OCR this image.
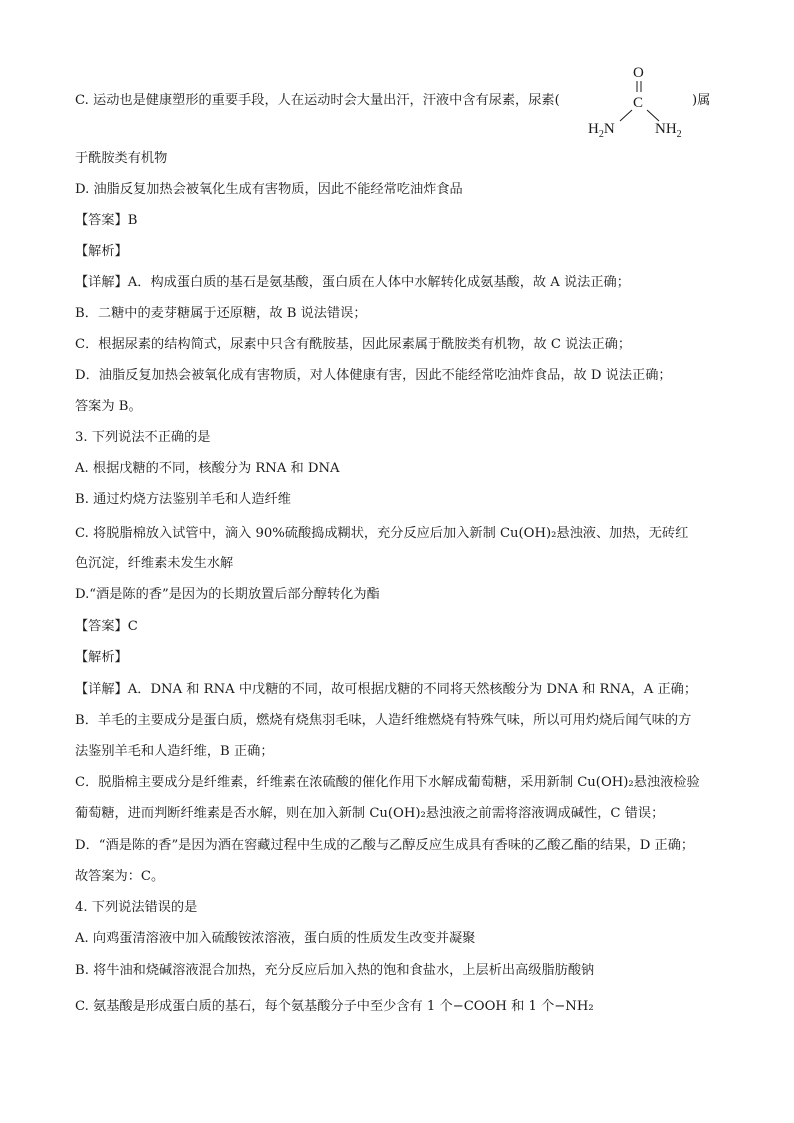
C. 运动也是健康塑形的重要手段，人在运动时会大量出汗，汗液中含有尿素，尿素(	)属
于酰胺类有机物
D. 油脂反复加热会被氧化生成有害物质，因此不能经常吃油炸食品
【答案】B
【解析】
【详解】A．构成蛋白质的基石是氨基酸，蛋白质在人体中水解转化成氨基酸，故 A 说法正确；
B．二糖中的麦芽糖属于还原糖，故 B 说法错误；
C．根据尿素的结构简式，尿素中只含有酰胺基，因此尿素属于酰胺类有机物，故 C 说法正确；
D．油脂反复加热会被氧化成有害物质，对人体健康有害，因此不能经常吃油炸食品，故 D 说法正确；
答案为 B。
3. 下列说法不正确的是
A. 根据戊糖的不同，核酸分为 RNA 和 DNA
B. 通过灼烧方法鉴别羊毛和人造纤维
C. 将脱脂棉放入试管中，滴入 90%硫酸捣成糊状，充分反应后加入新制 Cu(OH)₂悬浊液、加热，无砖红
色沉淀，纤维素未发生水解
D.“酒是陈的香”是因为的长期放置后部分醇转化为酯
【答案】C
【解析】
【详解】A．DNA 和 RNA 中戊糖的不同，故可根据戊糖的不同将天然核酸分为 DNA 和 RNA，A 正确；
B．羊毛的主要成分是蛋白质，燃烧有烧焦羽毛味，人造纤维燃烧有特殊气味，所以可用灼烧后闻气味的方
法鉴别羊毛和人造纤维，B 正确；
C．脱脂棉主要成分是纤维素，纤维素在浓硫酸的催化作用下水解成葡萄糖，采用新制 Cu(OH)₂悬浊液检验
葡萄糖，进而判断纤维素是否水解，则在加入新制 Cu(OH)₂悬浊液之前需将溶液调成碱性，C 错误；
D．“酒是陈的香”是因为酒在窖藏过程中生成的乙酸与乙醇反应生成具有香味的乙酸乙酯的结果，D 正确；
故答案为：C。
4. 下列说法错误的是
A. 向鸡蛋清溶液中加入硫酸铵浓溶液，蛋白质的性质发生改变并凝聚
B. 将牛油和烧碱溶液混合加热，充分反应后加入热的饱和食盐水，上层析出高级脂肪酸钠
C. 氨基酸是形成蛋白质的基石，每个氨基酸分子中至少含有 1 个−COOH 和 1 个−NH₂
O
C
$H_2N$	$NH_2$
